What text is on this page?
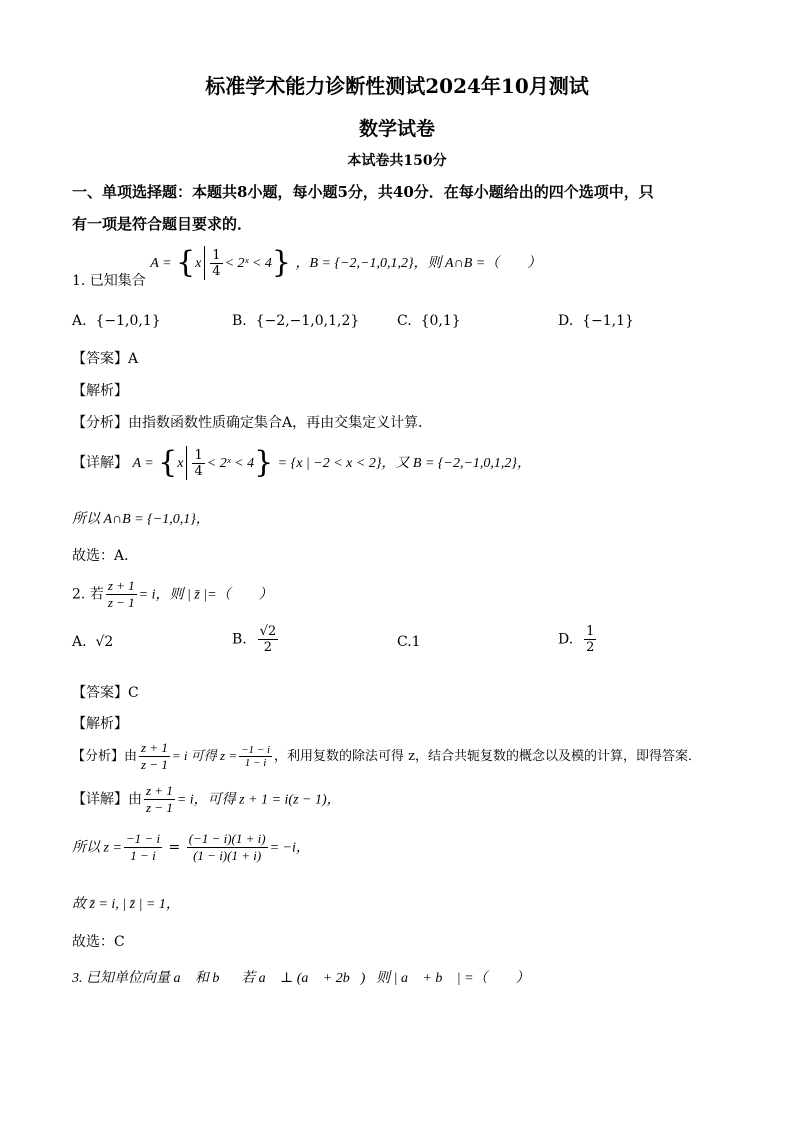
标准学术能力诊断性测试2024年10月测试
数学试卷
本试卷共150分
一、单项选择题：本题共8小题，每小题5分，共40分．在每小题给出的四个选项中，只
有一项是符合题目要求的．
1. 已知集合 $A = \{x \frac{1}{4}$ < 2ˣ < 4} ，B = {−2,−1,0,1,2}，则 A∩B =（　　）
A. {−1,0,1}	B. {−2,−1,0,1,2}	C. {0,1}	D. {−1,1}
【答案】A
【解析】
【分析】由指数函数性质确定集合A，再由交集定义计算．
【详解】 $A = \{x \frac{1}{4}$ < 2ˣ < 4} = {x | −2 < x < 2}，又 B = {−2,−1,0,1,2}，
所以 A∩B = {−1,0,1}，
故选：A．
2. 若 $\frac{z + 1}{z - 1} = i$，则 | z̄ |=（　　）
A. √2	B. $\frac{√2}{2}$	C.1	D. $\frac{1}{2}$
【答案】C
【解析】
【分析】由 $\frac{z + 1}{z - 1} = i$ 可得 $z = \frac{-1 - i}{1 - i}$ ，利用复数的除法可得 z，结合共轭复数的概念以及模的计算，即得答案．
【详解】由 $\frac{z + 1}{z - 1} = i$，可得 z + 1 = i(z − 1)，
所以 $z = \frac{-1 - i}{1 - i} = \frac{(-1 - i)(1 + i)}{(1 - i)(1 + i)} = -i$，
故 z̄ = i, | z̄ | = 1，
故选：C
3. 已知单位向量 a⃗ 和 b⃗，若 a⃗ ⊥ (a⃗ + 2b⃗)，则 | a⃗ + b⃗ | =（　　）
